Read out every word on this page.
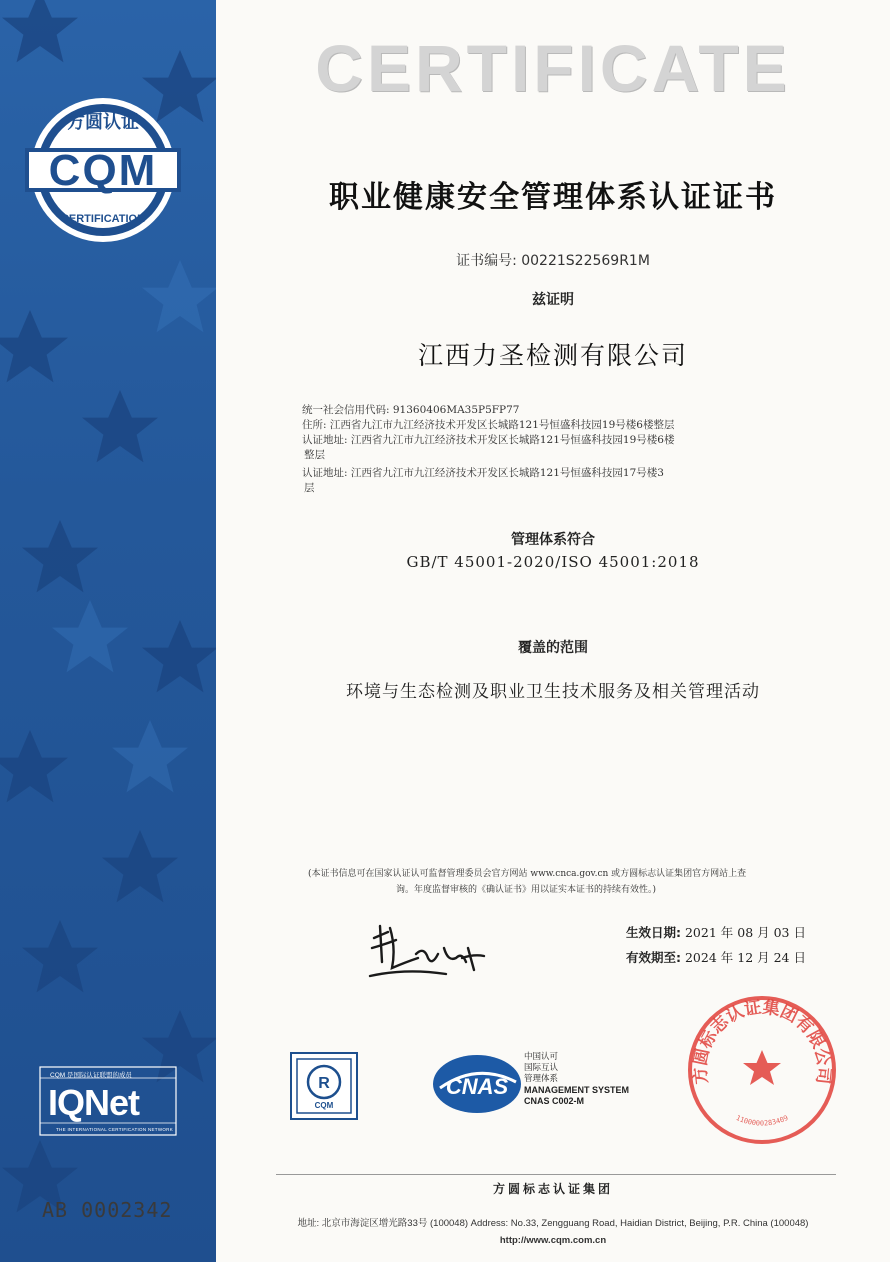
方圆认证
CQM
CERTIFICATION
CQM 是国际认证联盟的成员
IQNet
THE INTERNATIONAL CERTIFICATION NETWORK
AB 0002342
CERTIFICATE
职业健康安全管理体系认证证书
证书编号: 00221S22569R1M
兹证明
江西力圣检测有限公司
统一社会信用代码: 91360406MA35P5FP77
住所: 江西省九江市九江经济技术开发区长城路121号恒盛科技园19号楼6楼整层
认证地址: 江西省九江市九江经济技术开发区长城路121号恒盛科技园19号楼6楼
整层
认证地址: 江西省九江市九江经济技术开发区长城路121号恒盛科技园17号楼3
层
管理体系符合
GB/T 45001-2020/ISO 45001:2018
覆盖的范围
环境与生态检测及职业卫生技术服务及相关管理活动
(本证书信息可在国家认证认可监督管理委员会官方网站 www.cnca.gov.cn 或方圆标志认证集团官方网站上查
询。年度监督审核的《确认证书》用以证实本证书的持续有效性。)
生效日期: 2021 年 08 月 03 日
有效期至: 2024 年 12 月 24 日
R
CQM
CNAS
中国认可
国际互认
管理体系
MANAGEMENT SYSTEM
CNAS C002-M
方圆标志认证集团有限公司
1100000283409
方圆标志认证集团
地址: 北京市海淀区增光路33号 (100048) Address: No.33, Zengguang Road, Haidian District, Beijing, P.R. China (100048)
http://www.cqm.com.cn
